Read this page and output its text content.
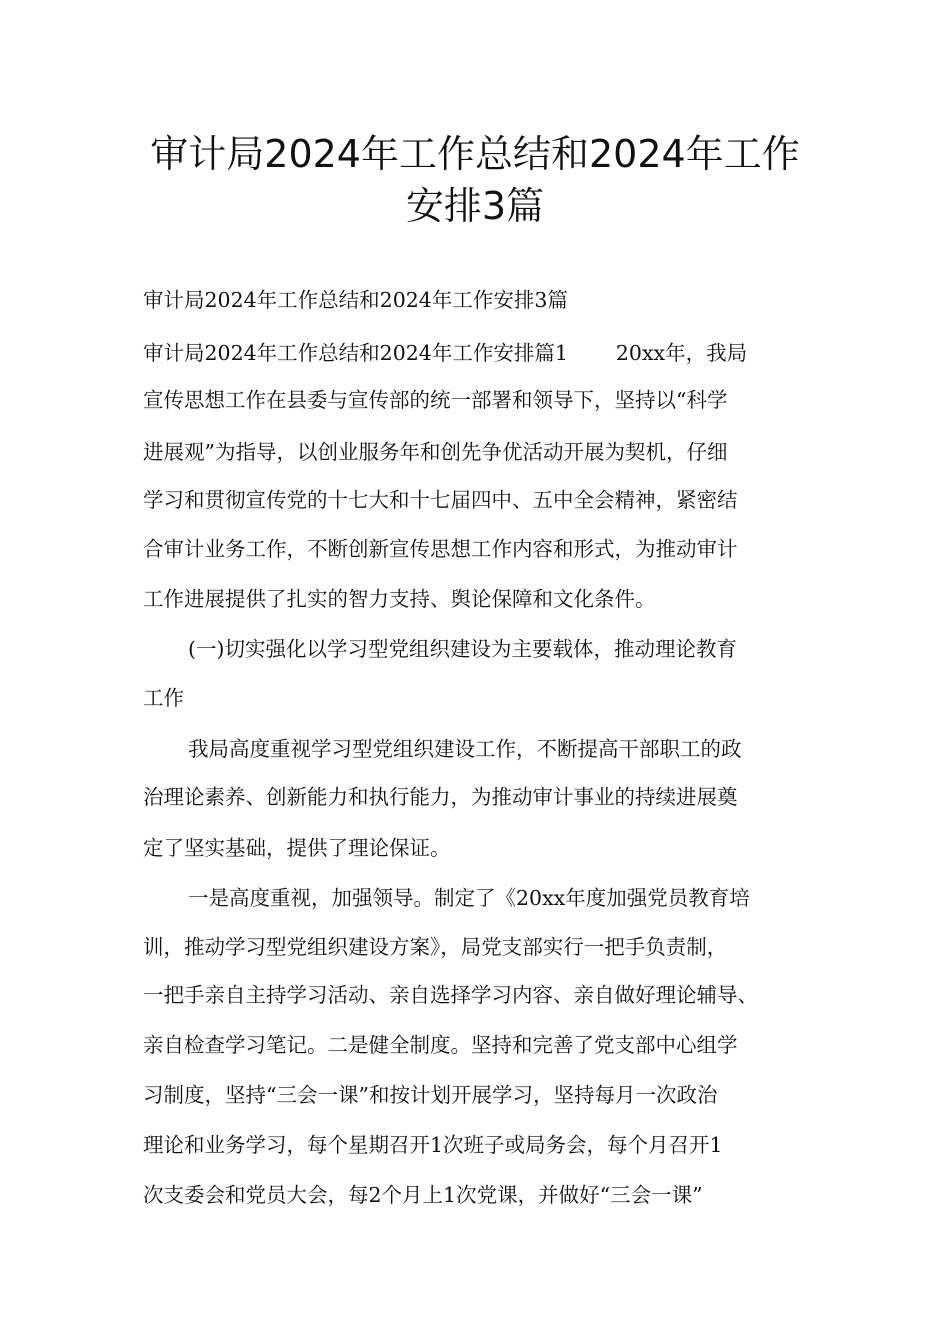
审计局2024年工作总结和2024年工作
安排3篇
审计局2024年工作总结和2024年工作安排3篇
审计局2024年工作总结和2024年工作安排篇1 20xx年，我局
宣传思想工作在县委与宣传部的统一部署和领导下，坚持以“科学
进展观”为指导，以创业服务年和创先争优活动开展为契机，仔细
学习和贯彻宣传党的十七大和十七届四中、五中全会精神，紧密结
合审计业务工作，不断创新宣传思想工作内容和形式，为推动审计
工作进展提供了扎实的智力支持、舆论保障和文化条件。
(一)切实强化以学习型党组织建设为主要载体，推动理论教育
工作
我局高度重视学习型党组织建设工作，不断提高干部职工的政
治理论素养、创新能力和执行能力，为推动审计事业的持续进展奠
定了坚实基础，提供了理论保证。
一是高度重视，加强领导。制定了《20xx年度加强党员教育培
训，推动学习型党组织建设方案》，局党支部实行一把手负责制，
一把手亲自主持学习活动、亲自选择学习内容、亲自做好理论辅导、
亲自检查学习笔记。二是健全制度。坚持和完善了党支部中心组学
习制度，坚持“三会一课”和按计划开展学习，坚持每月一次政治
理论和业务学习，每个星期召开1次班子或局务会，每个月召开1
次支委会和党员大会，每2个月上1次党课，并做好“三会一课”
